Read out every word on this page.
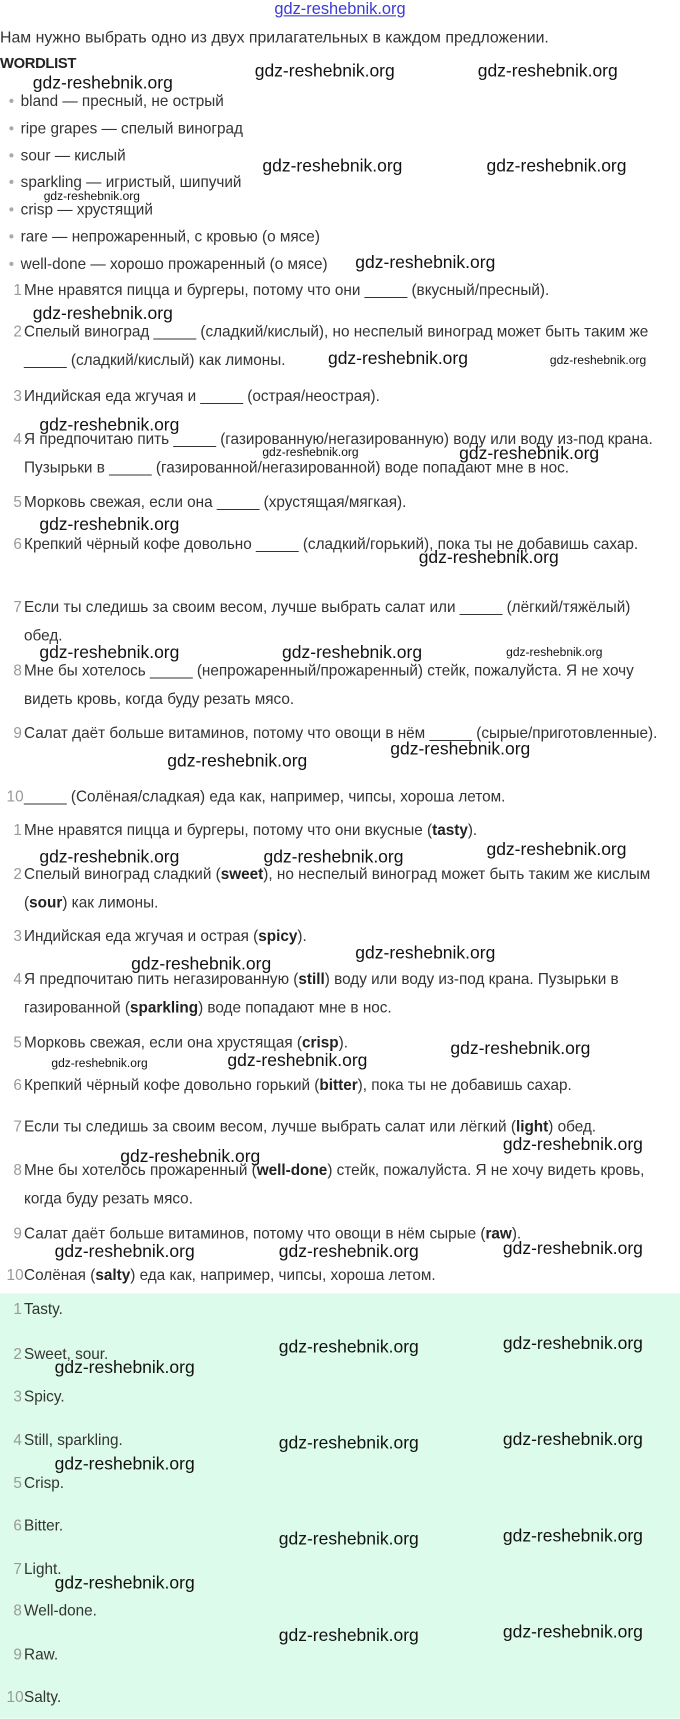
gdz-reshebnik.org
Нам нужно выбрать одно из двух прилагательных в каждом предложении.
WORDLIST
• bland — пресный, не острый
• ripe grapes — спелый виноград
• sour — кислый
• sparkling — игристый, шипучий
• crisp — хрустящий
• rare — непрожаренный, с кровью (о мясе)
• well-done — хорошо прожаренный (о мясе)
1 Мне нравятся пицца и бургеры, потому что они _____ (вкусный/пресный).
2 Спелый виноград _____ (сладкий/кислый), но неспелый виноград может быть таким же _____ (сладкий/кислый) как лимоны.
3 Индийская еда жгучая и _____ (острая/неострая).
4 Я предпочитаю пить _____ (газированную/негазированную) воду или воду из-под крана. Пузырьки в _____ (газированной/негазированной) воде попадают мне в нос.
5 Морковь свежая, если она _____ (хрустящая/мягкая).
6 Крепкий чёрный кофе довольно _____ (сладкий/горький), пока ты не добавишь сахар.
7 Если ты следишь за своим весом, лучше выбрать салат или _____ (лёгкий/тяжёлый) обед.
8 Мне бы хотелось _____ (непрожаренный/прожаренный) стейк, пожалуйста. Я не хочу видеть кровь, когда буду резать мясо.
9 Салат даёт больше витаминов, потому что овощи в нём _____ (сырые/приготовленные).
10 _____ (Солёная/сладкая) еда как, например, чипсы, хороша летом.
1 Мне нравятся пицца и бургеры, потому что они вкусные (tasty).
2 Спелый виноград сладкий (sweet), но неспелый виноград может быть таким же кислым (sour) как лимоны.
3 Индийская еда жгучая и острая (spicy).
4 Я предпочитаю пить негазированную (still) воду или воду из-под крана. Пузырьки в газированной (sparkling) воде попадают мне в нос.
5 Морковь свежая, если она хрустящая (crisp).
6 Крепкий чёрный кофе довольно горький (bitter), пока ты не добавишь сахар.
7 Если ты следишь за своим весом, лучше выбрать салат или лёгкий (light) обед.
8 Мне бы хотелось прожаренный (well-done) стейк, пожалуйста. Я не хочу видеть кровь, когда буду резать мясо.
9 Салат даёт больше витаминов, потому что овощи в нём сырые (raw).
10 Солёная (salty) еда как, например, чипсы, хороша летом.
1 Tasty.
2 Sweet, sour.
3 Spicy.
4 Still, sparkling.
5 Crisp.
6 Bitter.
7 Light.
8 Well-done.
9 Raw.
10 Salty.
gdz-reshebnik.org
gdz-reshebnik.org	gdz-reshebnik.org
gdz-reshebnik.org	gdz-reshebnik.org
gdz-reshebnik.org
gdz-reshebnik.org
gdz-reshebnik.org
gdz-reshebnik.org	gdz-reshebnik.org
gdz-reshebnik.org
gdz-reshebnik.org	gdz-reshebnik.org
gdz-reshebnik.org
gdz-reshebnik.org
gdz-reshebnik.org	gdz-reshebnik.org	gdz-reshebnik.org
gdz-reshebnik.org
gdz-reshebnik.org
gdz-reshebnik.org	gdz-reshebnik.org	gdz-reshebnik.org
gdz-reshebnik.org
gdz-reshebnik.org
gdz-reshebnik.org	gdz-reshebnik.org
gdz-reshebnik.org
gdz-reshebnik.org
gdz-reshebnik.org
gdz-reshebnik.org	gdz-reshebnik.org	gdz-reshebnik.org
gdz-reshebnik.org	gdz-reshebnik.org
gdz-reshebnik.org
gdz-reshebnik.org	gdz-reshebnik.org
gdz-reshebnik.org
gdz-reshebnik.org	gdz-reshebnik.org
gdz-reshebnik.org
gdz-reshebnik.org	gdz-reshebnik.org
